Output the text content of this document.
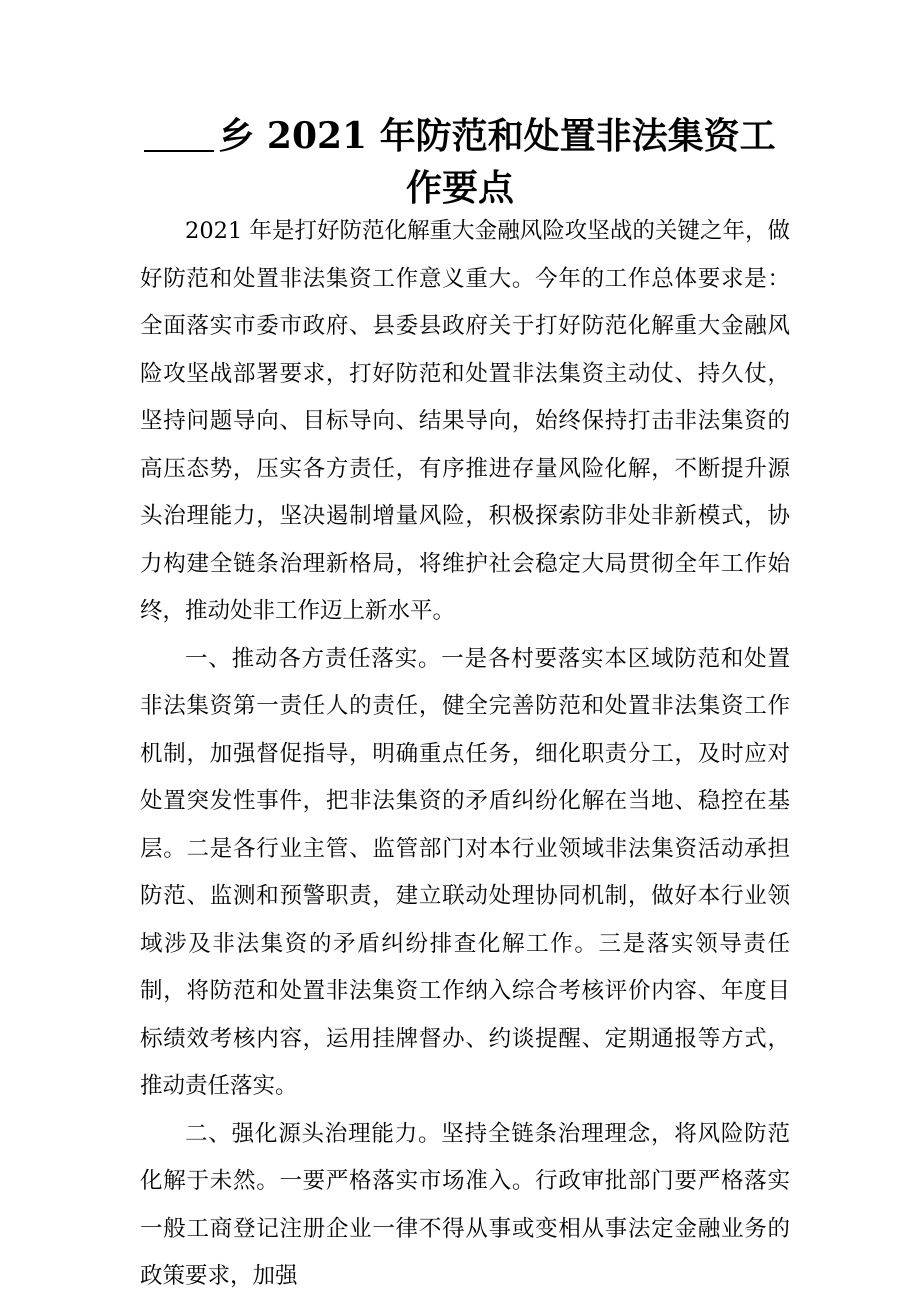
乡 2021 年防范和处置非法集资工作要点

2021 年是打好防范化解重大金融风险攻坚战的关键之年，做好防范和处置非法集资工作意义重大。今年的工作总体要求是：全面落实市委市政府、县委县政府关于打好防范化解重大金融风险攻坚战部署要求，打好防范和处置非法集资主动仗、持久仗，坚持问题导向、目标导向、结果导向，始终保持打击非法集资的高压态势，压实各方责任，有序推进存量风险化解，不断提升源头治理能力，坚决遏制增量风险，积极探索防非处非新模式，协力构建全链条治理新格局，将维护社会稳定大局贯彻全年工作始终，推动处非工作迈上新水平。

一、推动各方责任落实。一是各村要落实本区域防范和处置非法集资第一责任人的责任，健全完善防范和处置非法集资工作机制，加强督促指导，明确重点任务，细化职责分工，及时应对处置突发性事件，把非法集资的矛盾纠纷化解在当地、稳控在基层。二是各行业主管、监管部门对本行业领域非法集资活动承担防范、监测和预警职责，建立联动处理协同机制，做好本行业领域涉及非法集资的矛盾纠纷排查化解工作。三是落实领导责任制，将防范和处置非法集资工作纳入综合考核评价内容、年度目标绩效考核内容，运用挂牌督办、约谈提醒、定期通报等方式，推动责任落实。

二、强化源头治理能力。坚持全链条治理理念，将风险防范化解于未然。一要严格落实市场准入。行政审批部门要严格落实一般工商登记注册企业一律不得从事或变相从事法定金融业务的政策要求，加强
